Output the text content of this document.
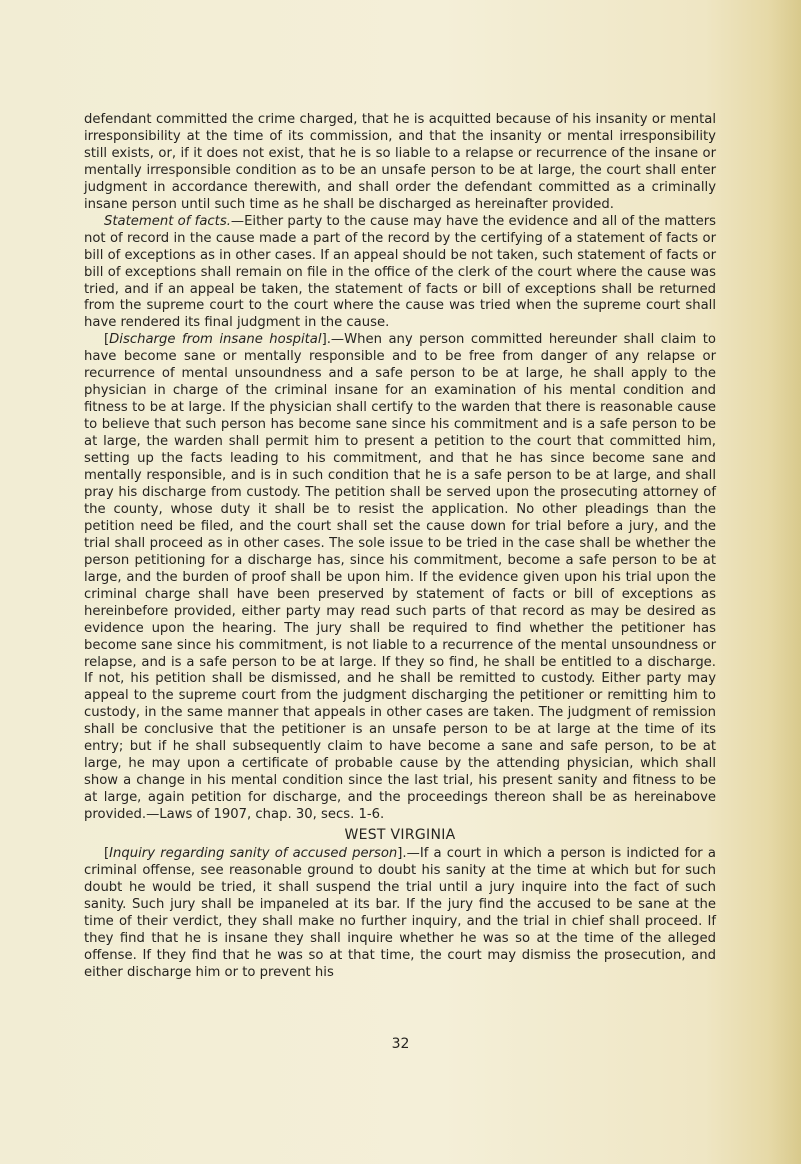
defendant committed the crime charged, that he is acquitted because of his insanity or mental irresponsibility at the time of its commission, and that the insanity or mental irresponsibility still exists, or, if it does not exist, that he is so liable to a relapse or recurrence of the insane or mentally irresponsible condition as to be an unsafe person to be at large, the court shall enter judgment in accordance therewith, and shall order the defendant committed as a criminally insane person until such time as he shall be discharged as hereinafter provided.

Statement of facts.—Either party to the cause may have the evidence and all of the matters not of record in the cause made a part of the record by the certifying of a statement of facts or bill of exceptions as in other cases. If an appeal should be not taken, such statement of facts or bill of exceptions shall remain on file in the office of the clerk of the court where the cause was tried, and if an appeal be taken, the statement of facts or bill of exceptions shall be returned from the supreme court to the court where the cause was tried when the supreme court shall have rendered its final judgment in the cause.

[Discharge from insane hospital].—When any person committed hereunder shall claim to have become sane or mentally responsible and to be free from danger of any relapse or recurrence of mental unsoundness and a safe person to be at large, he shall apply to the physician in charge of the criminal insane for an examination of his mental condition and fitness to be at large. If the physician shall certify to the warden that there is reasonable cause to believe that such person has become sane since his commitment and is a safe person to be at large, the warden shall permit him to present a petition to the court that committed him, setting up the facts leading to his commitment, and that he has since become sane and mentally responsible, and is in such condition that he is a safe person to be at large, and shall pray his discharge from custody. The petition shall be served upon the prosecuting attorney of the county, whose duty it shall be to resist the application. No other pleadings than the petition need be filed, and the court shall set the cause down for trial before a jury, and the trial shall proceed as in other cases. The sole issue to be tried in the case shall be whether the person petitioning for a discharge has, since his commitment, become a safe person to be at large, and the burden of proof shall be upon him. If the evidence given upon his trial upon the criminal charge shall have been preserved by statement of facts or bill of exceptions as hereinbefore provided, either party may read such parts of that record as may be desired as evidence upon the hearing. The jury shall be required to find whether the petitioner has become sane since his commitment, is not liable to a recurrence of the mental unsoundness or relapse, and is a safe person to be at large. If they so find, he shall be entitled to a discharge. If not, his petition shall be dismissed, and he shall be remitted to custody. Either party may appeal to the supreme court from the judgment discharging the petitioner or remitting him to custody, in the same manner that appeals in other cases are taken. The judgment of remission shall be conclusive that the petitioner is an unsafe person to be at large at the time of its entry; but if he shall subsequently claim to have become a sane and safe person, to be at large, he may upon a certificate of probable cause by the attending physician, which shall show a change in his mental condition since the last trial, his present sanity and fitness to be at large, again petition for discharge, and the proceedings thereon shall be as hereinabove provided.—Laws of 1907, chap. 30, secs. 1-6.

WEST VIRGINIA

[Inquiry regarding sanity of accused person].—If a court in which a person is indicted for a criminal offense, see reasonable ground to doubt his sanity at the time at which but for such doubt he would be tried, it shall suspend the trial until a jury inquire into the fact of such sanity. Such jury shall be impaneled at its bar. If the jury find the accused to be sane at the time of their verdict, they shall make no further inquiry, and the trial in chief shall proceed. If they find that he is insane they shall inquire whether he was so at the time of the alleged offense. If they find that he was so at that time, the court may dismiss the prosecution, and either discharge him or to prevent his

32
